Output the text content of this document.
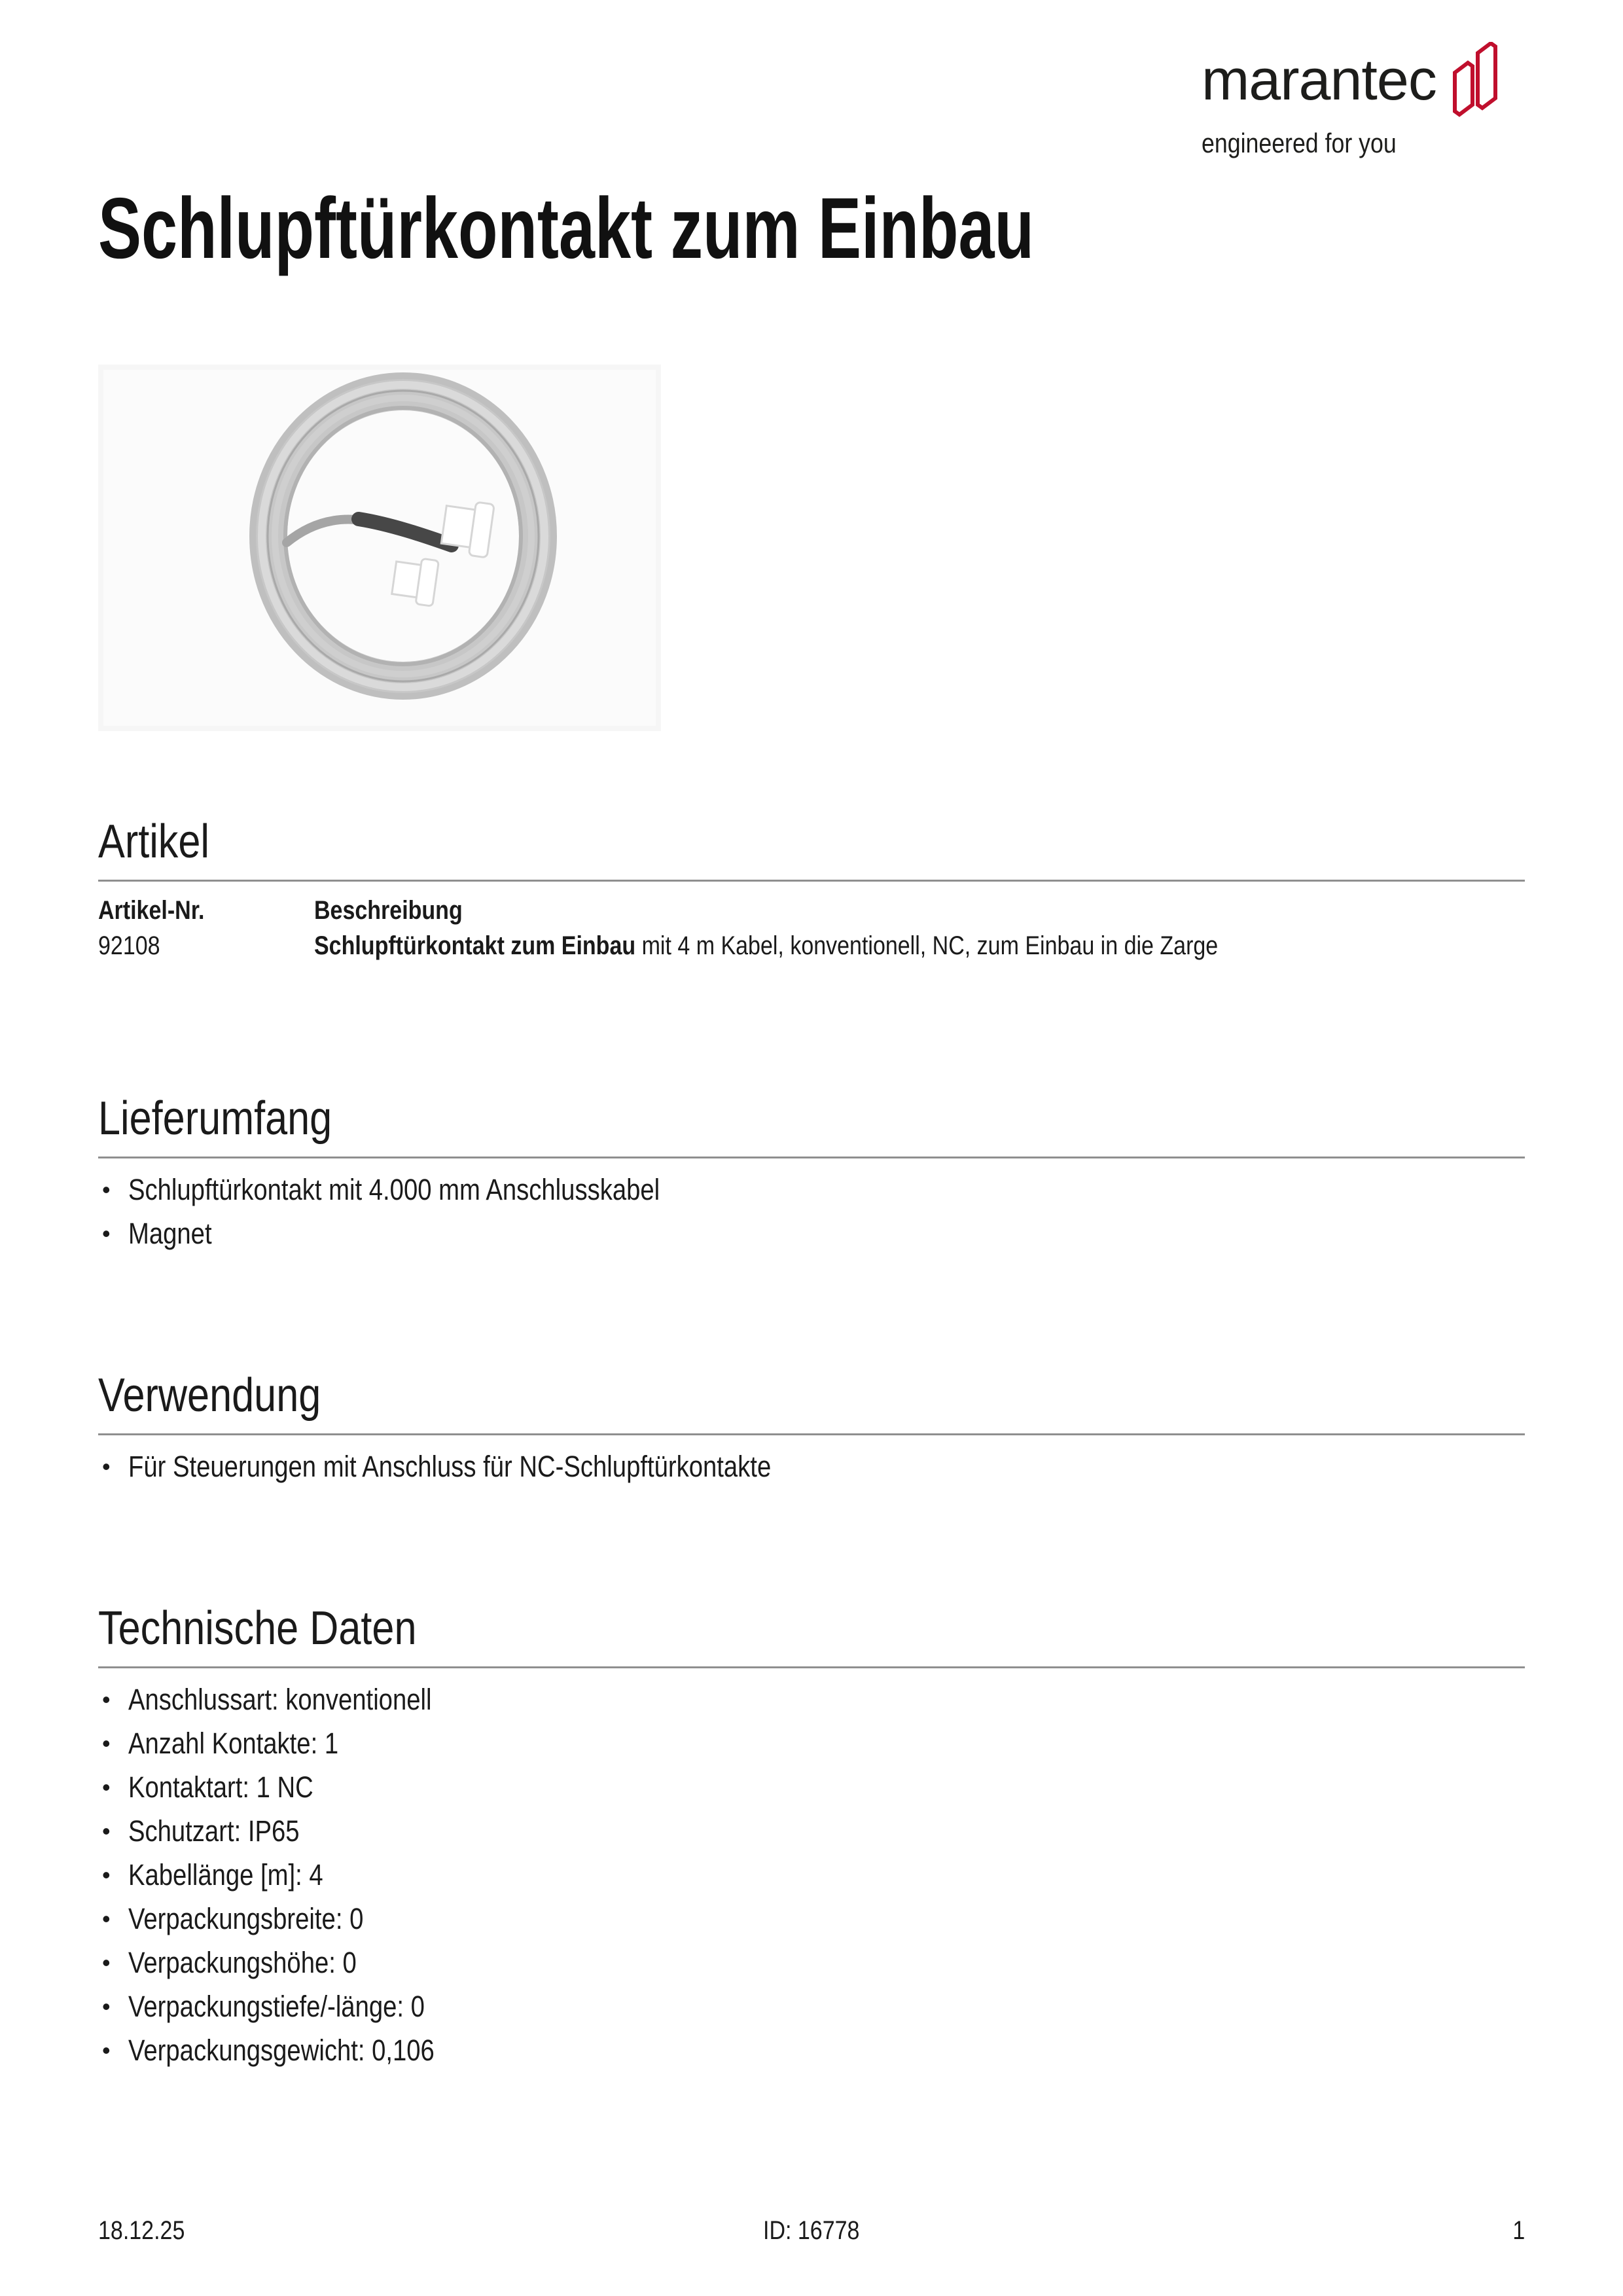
marantec
engineered for you
Schlupftürkontakt zum Einbau
Artikel
Artikel-Nr.	Beschreibung
92108	Schlupftürkontakt zum Einbau mit 4 m Kabel, konventionell, NC, zum Einbau in die Zarge
Lieferumfang
• Schlupftürkontakt mit 4.000 mm Anschlusskabel
• Magnet
Verwendung
• Für Steuerungen mit Anschluss für NC-Schlupftürkontakte
Technische Daten
• Anschlussart: konventionell
• Anzahl Kontakte: 1
• Kontaktart: 1 NC
• Schutzart: IP65
• Kabellänge [m]: 4
• Verpackungsbreite: 0
• Verpackungshöhe: 0
• Verpackungstiefe/-länge: 0
• Verpackungsgewicht: 0,106
18.12.25	ID: 16778	1
